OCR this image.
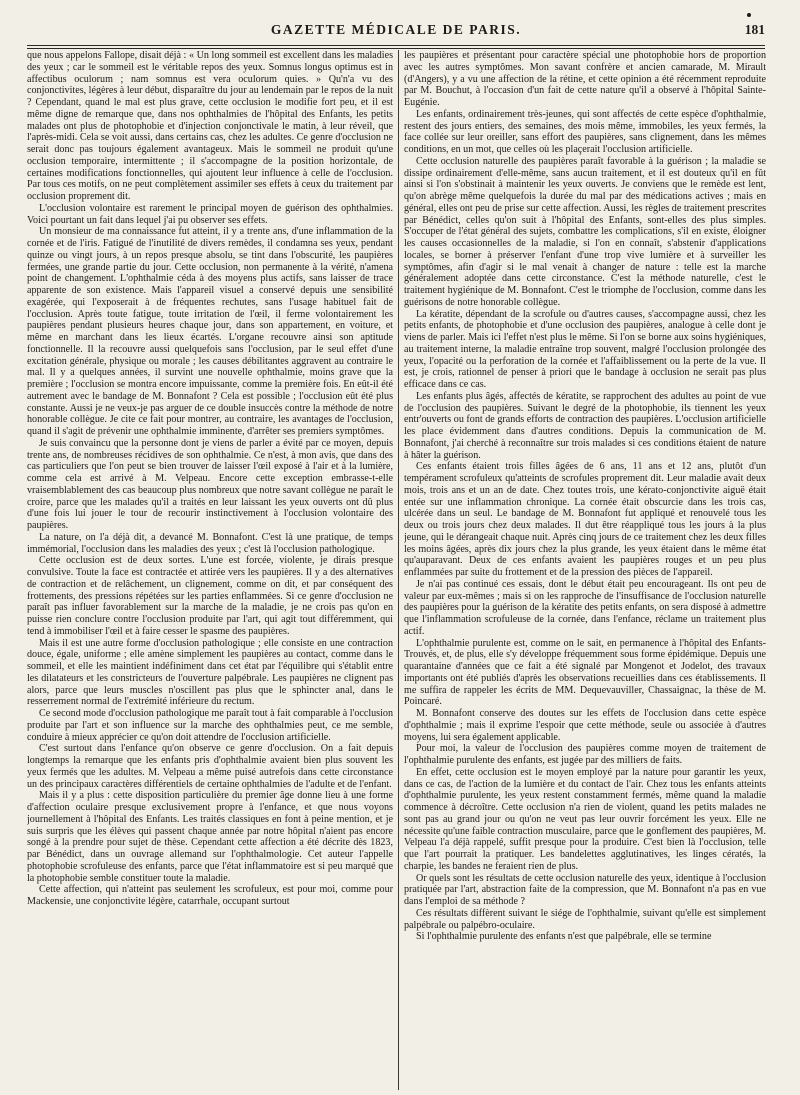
GAZETTE MÉDICALE DE PARIS.	181

que nous appelons Fallope, disait déjà : « Un long sommeil est excellent dans les maladies des yeux ; car le sommeil est le véritable repos des yeux. Somnus longus optimus est in affectibus oculorum ; nam somnus est vera oculorum quies. » Qu'n'a vu des conjonctivites, légères à leur début, disparaître du jour au lendemain par le repos de la nuit ? Cependant, quand le mal est plus grave, cette occlusion le modifie fort peu, et il est même digne de remarque que, dans nos ophthalmies de l'hôpital des Enfants, les petits malades ont plus de photophobie et d'injection conjonctivale le matin, à leur réveil, que l'après-midi. Cela se voit aussi, dans certains cas, chez les adultes. Ce genre d'occlusion ne serait donc pas toujours également avantageux. Mais le sommeil ne produit qu'une occlusion temporaire, intermittente ; il s'accompagne de la position horizontale, de certaines modifications fonctionnelles, qui ajoutent leur influence à celle de l'occlusion. Par tous ces motifs, on ne peut complètement assimiler ses effets à ceux du traitement par occlusion proprement dit.

L'occlusion volontaire est rarement le principal moyen de guérison des ophthalmies. Voici pourtant un fait dans lequel j'ai pu observer ses effets.

Un monsieur de ma connaissance fut atteint, il y a trente ans, d'une inflammation de la cornée et de l'iris. Fatigué de l'inutilité de divers remèdes, il condamna ses yeux, pendant quinze ou vingt jours, à un repos presque absolu, se tint dans l'obscurité, les paupières fermées, une grande partie du jour. Cette occlusion, non permanente à la vérité, n'amena point de changement. L'ophthalmie céda à des moyens plus actifs, sans laisser de trace apparente de son existence. Mais l'appareil visuel a conservé depuis une sensibilité exagérée, qui l'exposerait à de fréquentes rechutes, sans l'usage habituel fait de l'occlusion. Après toute fatigue, toute irritation de l'œil, il ferme volontairement les paupières pendant plusieurs heures chaque jour, dans son appartement, en voiture, et même en marchant dans les lieux écartés. L'organe recouvre ainsi son aptitude fonctionnelle. Il la recouvre aussi quelquefois sans l'occlusion, par le seul effet d'une excitation générale, physique ou morale ; les causes débilitantes aggravent au contraire le mal. Il y a quelques années, il survint une nouvelle ophthalmie, moins grave que la première ; l'occlusion se montra encore impuissante, comme la première fois. En eût-il été autrement avec le bandage de M. Bonnafont ? Cela est possible ; l'occlusion eût été plus constante. Aussi je ne veux-je pas arguer de ce double insuccès contre la méthode de notre honorable collègue. Je cite ce fait pour montrer, au contraire, les avantages de l'occlusion, quand il s'agit de prévenir une ophthalmie imminente, d'arrêter ses premiers symptômes.

Je suis convaincu que la personne dont je viens de parler a évité par ce moyen, depuis trente ans, de nombreuses récidives de son ophthalmie. Ce n'est, à mon avis, que dans des cas particuliers que l'on peut se bien trouver de laisser l'œil exposé à l'air et à la lumière, comme cela est arrivé à M. Velpeau. Encore cette exception embrasse-t-elle vraisemblablement des cas beaucoup plus nombreux que notre savant collègue ne paraît le croire, parce que les malades qu'il a traités en leur laissant les yeux ouverts ont dû plus d'une fois lui jouer le tour de recourir instinctivement à l'occlusion volontaire des paupières.

La nature, on l'a déjà dit, a devancé M. Bonnafont. C'est là une pratique, de temps immémorial, l'occlusion dans les maladies des yeux ; c'est là l'occlusion pathologique.

Cette occlusion est de deux sortes. L'une est forcée, violente, je dirais presque convulsive. Toute la face est contractée et attirée vers les paupières. Il y a des alternatives de contraction et de relâchement, un clignement, comme on dit, et par conséquent des frottements, des pressions répétées sur les parties enflammées. Si ce genre d'occlusion ne paraît pas influer favorablement sur la marche de la maladie, je ne crois pas qu'on en puisse rien conclure contre l'occlusion produite par l'art, qui agit tout différemment, qui tend à immobiliser l'œil et à faire cesser le spasme des paupières.

Mais il est une autre forme d'occlusion pathologique ; elle consiste en une contraction douce, égale, uniforme ; elle amène simplement les paupières au contact, comme dans le sommeil, et elle les maintient indéfiniment dans cet état par l'équilibre qui s'établit entre les dilatateurs et les constricteurs de l'ouverture palpébrale. Les paupières ne clignent pas alors, parce que leurs muscles n'oscillent pas plus que le sphincter anal, dans le resserrement normal de l'extrémité inférieure du rectum.

Ce second mode d'occlusion pathologique me paraît tout à fait comparable à l'occlusion produite par l'art et son influence sur la marche des ophthalmies peut, ce me semble, conduire à mieux apprécier ce qu'on doit attendre de l'occlusion artificielle.

C'est surtout dans l'enfance qu'on observe ce genre d'occlusion. On a fait depuis longtemps la remarque que les enfants pris d'ophthalmie avaient bien plus souvent les yeux fermés que les adultes. M. Velpeau a même puisé autrefois dans cette circonstance un des principaux caractères différentiels de certaine ophthalmies de l'adulte et de l'enfant.

Mais il y a plus : cette disposition particulière du premier âge donne lieu à une forme d'affection oculaire presque exclusivement propre à l'enfance, et que nous voyons journellement à l'hôpital des Enfants. Les traités classiques en font à peine mention, et je suis surpris que les élèves qui passent chaque année par notre hôpital n'aient pas encore songé à la prendre pour sujet de thèse. Cependant cette affection a été décrite dès 1823, par Bénédict, dans un ouvrage allemand sur l'ophthalmologie. Cet auteur l'appelle photophobie scrofuleuse des enfants, parce que l'état inflammatoire est si peu marqué que la photophobie semble constituer toute la maladie.

Cette affection, qui n'atteint pas seulement les scrofuleux, est pour moi, comme pour Mackensie, une conjonctivite légère, catarrhale, occupant surtout

les paupières et présentant pour caractère spécial une photophobie hors de proportion avec les autres symptômes. Mon savant confrère et ancien camarade, M. Mirault (d'Angers), y a vu une affection de la rétine, et cette opinion a été récemment reproduite par M. Bouchut, à l'occasion d'un fait de cette nature qu'il a observé à l'hôpital Sainte-Eugénie.

Les enfants, ordinairement très-jeunes, qui sont affectés de cette espèce d'ophthalmie, restent des jours entiers, des semaines, des mois même, immobiles, les yeux fermés, la face collée sur leur oreiller, sans effort des paupières, sans clignement, dans les mêmes conditions, en un mot, que celles où les plaçerait l'occlusion artificielle.

Cette occlusion naturelle des paupières paraît favorable à la guérison ; la maladie se dissipe ordinairement d'elle-même, sans aucun traitement, et il est douteux qu'il en fût ainsi si l'on s'obstinait à maintenir les yeux ouverts. Je conviens que le remède est lent, qu'on abrège même quelquefois la durée du mal par des médications actives ; mais en général, elles ont peu de prise sur cette affection. Aussi, les règles de traitement prescrites par Bénédict, celles qu'on suit à l'hôpital des Enfants, sont-elles des plus simples. S'occuper de l'état général des sujets, combattre les complications, s'il en existe, éloigner les causes occasionnelles de la maladie, si l'on en connaît, s'abstenir d'applications locales, se borner à préserver l'enfant d'une trop vive lumière et à surveiller les symptômes, afin d'agir si le mal venait à changer de nature : telle est la marche généralement adoptée dans cette circonstance. C'est la méthode naturelle, c'est le traitement hygiénique de M. Bonnafont. C'est le triomphe de l'occlusion, comme dans les guérisons de notre honorable collègue.

La kératite, dépendant de la scrofule ou d'autres causes, s'accompagne aussi, chez les petits enfants, de photophobie et d'une occlusion des paupières, analogue à celle dont je viens de parler. Mais ici l'effet n'est plus le même. Si l'on se borne aux soins hygiéniques, au traitement interne, la maladie entraîne trop souvent, malgré l'occlusion prolongée des yeux, l'opacité ou la perforation de la cornée et l'affaiblissement ou la perte de la vue. Il est, je crois, rationnel de penser à priori que le bandage à occlusion ne serait pas plus efficace dans ce cas.

Les enfants plus âgés, affectés de kératite, se rapprochent des adultes au point de vue de l'occlusion des paupières. Suivant le degré de la photophobie, ils tiennent les yeux entr'ouverts ou font de grands efforts de contraction des paupières. L'occlusion artificielle les place évidemment dans d'autres conditions. Depuis la communication de M. Bonnafont, j'ai cherché à reconnaître sur trois malades si ces conditions étaient de nature à hâter la guérison.

Ces enfants étaient trois filles âgées de 6 ans, 11 ans et 12 ans, plutôt d'un tempérament scrofuleux qu'atteints de scrofules proprement dit. Leur maladie avait deux mois, trois ans et un an de date. Chez toutes trois, une kérato-conjonctivite aiguë était entée sur une inflammation chronique. La cornée était obscurcie dans les trois cas, ulcérée dans un seul. Le bandage de M. Bonnafont fut appliqué et renouvelé tous les deux ou trois jours chez deux malades. Il dut être réappliqué tous les jours à la plus jeune, qui le dérangeait chaque nuit. Après cinq jours de ce traitement chez les deux filles les moins âgées, après dix jours chez la plus grande, les yeux étaient dans le même état qu'auparavant. Deux de ces enfants avaient les paupières rouges et un peu plus enflammées par suite du frottement et de la pression des pièces de l'appareil.

Je n'ai pas continué ces essais, dont le début était peu encourageant. Ils ont peu de valeur par eux-mêmes ; mais si on les rapproche de l'insuffisance de l'occlusion naturelle des paupières pour la guérison de la kératite des petits enfants, on sera disposé à admettre que l'inflammation scrofuleuse de la cornée, dans l'enfance, réclame un traitement plus actif.

L'ophthalmie purulente est, comme on le sait, en permanence à l'hôpital des Enfants-Trouvés, et, de plus, elle s'y développe fréquemment sous forme épidémique. Depuis une quarantaine d'années que ce fait a été signalé par Mongenot et Jodelot, des travaux importants ont été publiés d'après les observations recueillies dans ces établissements. Il me suffira de rappeler les écrits de MM. Dequevauviller, Chassaignac, la thèse de M. Poincaré.

M. Bonnafont conserve des doutes sur les effets de l'occlusion dans cette espèce d'ophthalmie ; mais il exprime l'espoir que cette méthode, seule ou associée à d'autres moyens, lui sera également applicable.

Pour moi, la valeur de l'occlusion des paupières comme moyen de traitement de l'ophthalmie purulente des enfants, est jugée par des milliers de faits.

En effet, cette occlusion est le moyen employé par la nature pour garantir les yeux, dans ce cas, de l'action de la lumière et du contact de l'air. Chez tous les enfants atteints d'ophthalmie purulente, les yeux restent constamment fermés, même quand la maladie commence à décroître. Cette occlusion n'a rien de violent, quand les petits malades ne sont pas au grand jour ou qu'on ne veut pas leur ouvrir forcément les yeux. Elle ne nécessite qu'une faible contraction musculaire, parce que le gonflement des paupières, M. Velpeau l'a déjà rappelé, suffit presque pour la produire. C'est bien là l'occlusion, telle que l'art pourrait la pratiquer. Les bandelettes agglutinatives, les linges cératés, la charpie, les bandes ne feraient rien de plus.

Or quels sont les résultats de cette occlusion naturelle des yeux, identique à l'occlusion pratiquée par l'art, abstraction faite de la compression, que M. Bonnafont n'a pas en vue dans l'emploi de sa méthode ?

Ces résultats diffèrent suivant le siége de l'ophthalmie, suivant qu'elle est simplement palpébrale ou palpébro-oculaire.

Si l'ophthalmie purulente des enfants n'est que palpébrale, elle se termine
